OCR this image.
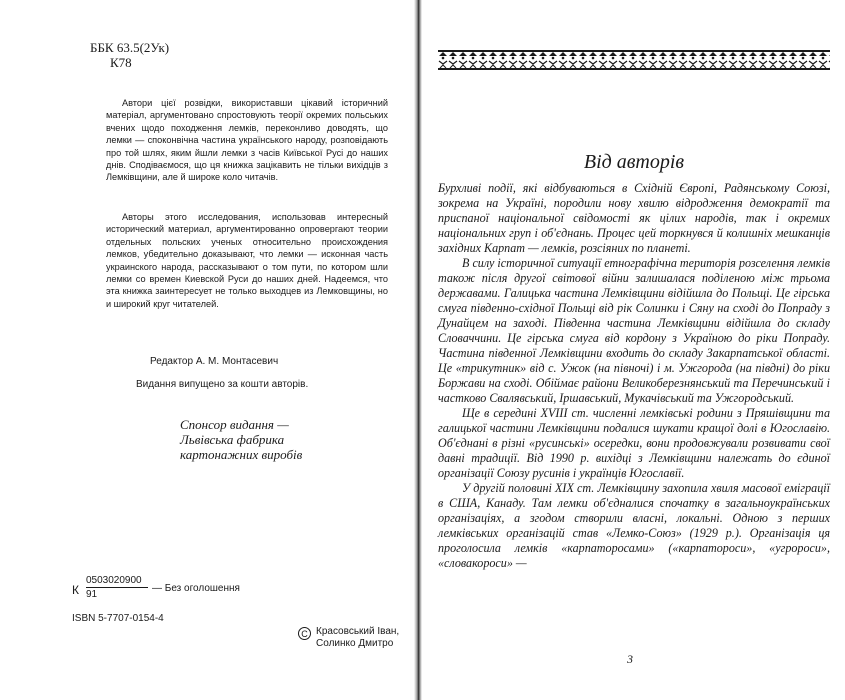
ББК 63.5(2Ук)
К78

Автори цієї розвідки, використавши цікавий історичний матеріал, аргументовано спростовують теорії окремих польських вчених щодо походження лемків, переконливо доводять, що лемки — споконвічна частина українського народу, розповідають про той шлях, яким йшли лемки з часів Київської Русі до наших днів. Сподіваємося, що ця книжка зацікавить не тільки вихідців з Лемківщини, але й широке коло читачів.

Авторы этого исследования, использовав интересный исторический материал, аргументированно опровергают теории отдельных польских ученых относительно происхождения лемков, убедительно доказывают, что лемки — исконная часть украинского народа, рассказывают о том пути, по котором шли лемки со времен Киевской Руси до наших дней. Надеемся, что эта книжка заинтересует не только выходцев из Лемковщины, но и широкий круг читателей.

Редактор А. М. Монтасевич
Видання випущено за кошти авторів.
Спонсор видання —
Львівська фабрика
картонажних виробів
К $\frac{0503020900}{91}$ — Без оголошення
ISBN 5-7707-0154-4
C Красовський Іван,
Солинко Дмитро
Від авторів

Бурхливі події, які відбуваються в Східній Європі, Радянському Союзі, зокрема на Україні, породили нову хвилю відродження демократії та приспаної національної свідомості як цілих народів, так і окремих національних груп і об'єднань. Процес цей торкнувся й колишніх мешканців західних Карпат — лемків, розсіяних по планеті.

В силу історичної ситуації етнографічна територія розселення лемків також після другої світової війни залишалася поділеною між трьома державами. Галицька частина Лемківщини відійшла до Польщі. Це гірська смуга південно-східної Польщі від рік Солинки і Сяну на сході до Попраду з Дунайцем на заході. Південна частина Лемківщини відійшла до складу Словаччини. Це гірська смуга від кордону з Україною до ріки Попраду. Частина південної Лемківщини входить до складу Закарпатської області. Це «трикутник» від с. Ужок (на півночі) і м. Ужгорода (на півдні) до ріки Боржави на сході. Обіймає райони Великоберезнянський та Перечинський і частково Свалявський, Іршавський, Мукачівський та Ужгородський.

Ще в середині XVIII ст. численні лемківські родини з Пряшівщини та галицької частини Лемківщини подалися шукати кращої долі в Югославію. Об'єднані в різні «русинські» осередки, вони продовжували розвивати свої давні традиції. Від 1990 р. вихідці з Лемківщини належать до єдиної організації Союзу русинів і українців Югославії.

У другій половині XIX ст. Лемківщину захопила хвиля масової еміграції в США, Канаду. Там лемки об'єдналися спочатку в загальноукраїнських організаціях, а згодом створили власні, локальні. Одною з перших лемківських організацій став «Лемко-Союз» (1929 р.). Організація ця проголосила лемків «карпаторосами» («карпатороси», «угророси», «словакороси» —

3
